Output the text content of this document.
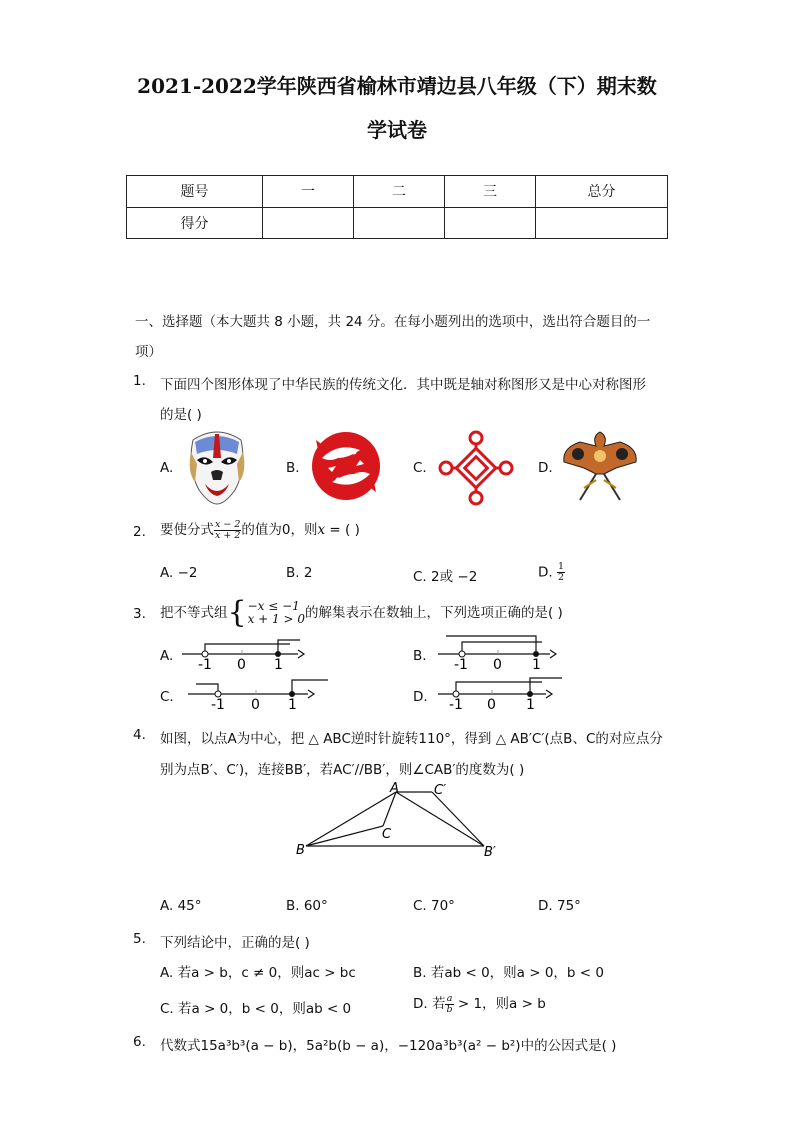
2021-2022学年陕西省榆林市靖边县八年级（下）期末数
学试卷
题号	一	二	三	总分
得分				
一、选择题（本大题共 8 小题，共 24 分。在每小题列出的选项中，选出符合题目的一
项）
1. 下面四个图形体现了中华民族的传统文化．其中既是轴对称图形又是中心对称图形
的是( )
A.	B.	C.	D.
2. 要使分式 $\frac{x - 2}{x + 2}$ 的值为0，则x = ( )
A. −2	B. 2	C. 2或 −2	D. $\frac{1}{2}$
3. 把不等式组{ −x ≤ −1
x + 1 > 0 的解集表示在数轴上，下列选项正确的是( )
A.
-1 0 1
B.
-1 0 1
C.	-1 0 1	D. -1 0 1
4. 如图，以点A为中心，把 △ ABC逆时针旋转110°，得到 △ AB′C′(点B、C的对应点分
别为点B′、C′)，连接BB′，若AC′//BB′，则∠CAB′的度数为( )
A	C′
C
B	B′
A. 45°	B. 60°	C. 70°	D. 75°
5. 下列结论中，正确的是( )
A. 若a > b，c ≠ 0，则ac > bc	B. 若ab < 0，则a > 0，b < 0
C. 若a > 0，b < 0，则ab < 0	D. 若 $\frac{a}{b} > 1$，则a > b
6. 代数式15a³b³(a − b)，5a²b(b − a)，−120a³b³(a² − b²)中的公因式是( )
